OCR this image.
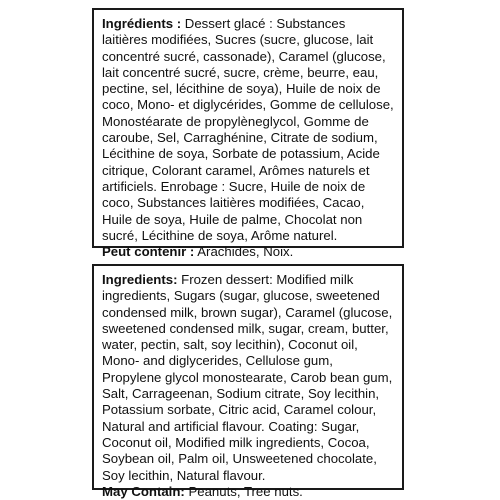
Ingrédients : Dessert glacé : Substances laitières modifiées, Sucres (sucre, glucose, lait concentré sucré, cassonade), Caramel (glucose, lait concentré sucré, sucre, crème, beurre, eau, pectine, sel, lécithine de soya), Huile de noix de coco, Mono- et diglycérides, Gomme de cellulose, Monostéarate de propylèneglycol, Gomme de caroube, Sel, Carraghénine, Citrate de sodium, Lécithine de soya, Sorbate de potassium, Acide citrique, Colorant caramel, Arômes naturels et artificiels. Enrobage : Sucre, Huile de noix de coco, Substances laitières modifiées, Cacao, Huile de soya, Huile de palme, Chocolat non sucré, Lécithine de soya, Arôme naturel.

Peut contenir : Arachides, Noix.

Ingredients: Frozen dessert: Modified milk ingredients, Sugars (sugar, glucose, sweetened condensed milk, brown sugar), Caramel (glucose, sweetened condensed milk, sugar, cream, butter, water, pectin, salt, soy lecithin), Coconut oil, Mono- and diglycerides, Cellulose gum, Propylene glycol monostearate, Carob bean gum, Salt, Carrageenan, Sodium citrate, Soy lecithin, Potassium sorbate, Citric acid, Caramel colour, Natural and artificial flavour. Coating: Sugar, Coconut oil, Modified milk ingredients, Cocoa, Soybean oil, Palm oil, Unsweetened chocolate, Soy lecithin, Natural flavour.

May Contain: Peanuts, Tree nuts.
